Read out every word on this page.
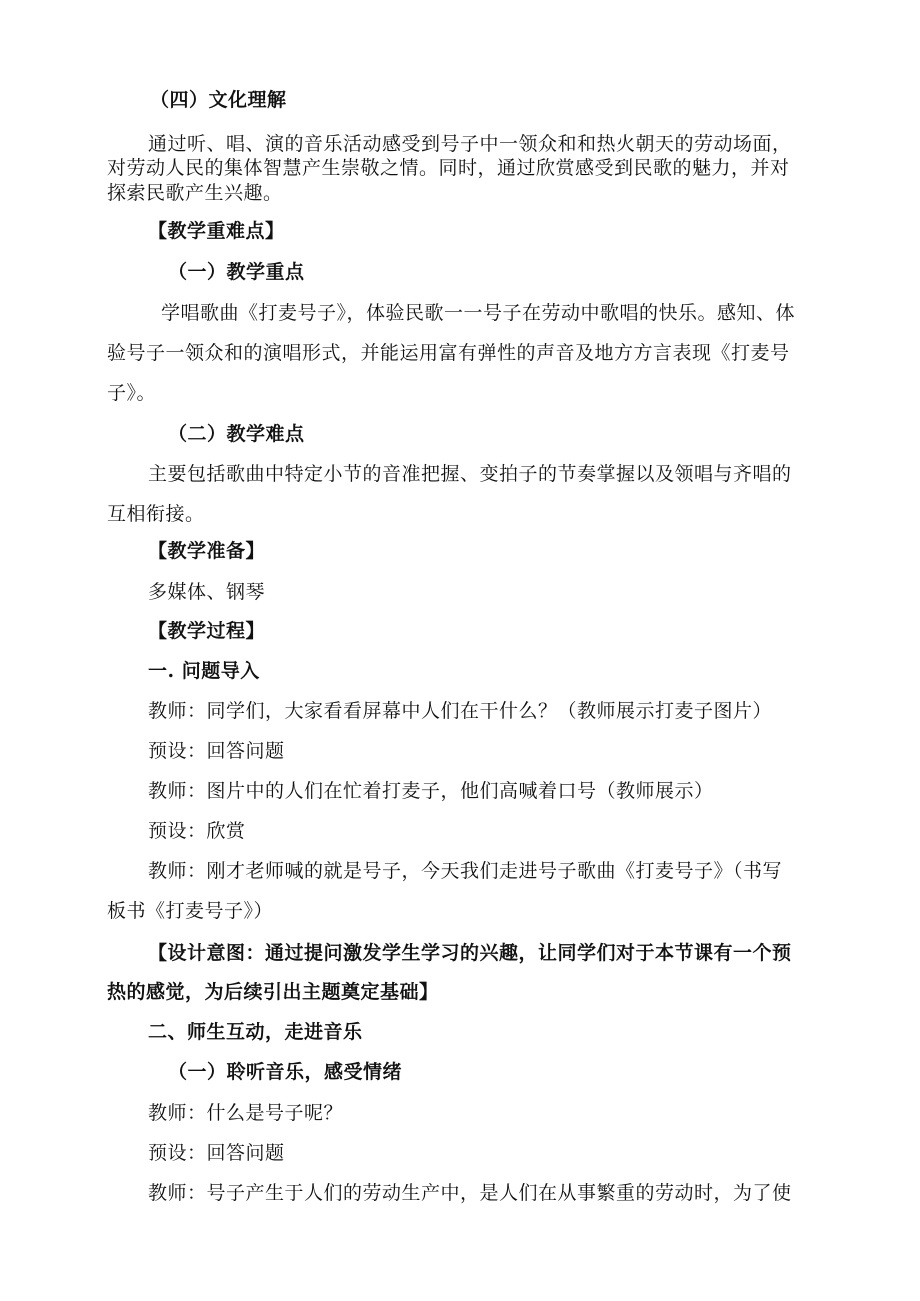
（四）文化理解
通过听、唱、演的音乐活动感受到号子中一领众和和热火朝天的劳动场面，
对劳动人民的集体智慧产生崇敬之情。同时，通过欣赏感受到民歌的魅力，并对
探索民歌产生兴趣。
【教学重难点】
（一）教学重点
学唱歌曲《打麦号子》，体验民歌一一号子在劳动中歌唱的快乐。感知、体
验号子一领众和的演唱形式，并能运用富有弹性的声音及地方方言表现《打麦号
子》。
（二）教学难点
主要包括歌曲中特定小节的音准把握、变拍子的节奏掌握以及领唱与齐唱的
互相衔接。
【教学准备】
多媒体、钢琴
【教学过程】
一. 问题导入
教师：同学们，大家看看屏幕中人们在干什么？（教师展示打麦子图片）
预设：回答问题
教师：图片中的人们在忙着打麦子，他们高喊着口号（教师展示）
预设：欣赏
教师：刚才老师喊的就是号子，今天我们走进号子歌曲《打麦号子》（书写
板书《打麦号子》）
【设计意图：通过提问激发学生学习的兴趣，让同学们对于本节课有一个预
热的感觉，为后续引出主题奠定基础】
二、师生互动，走进音乐
（一）聆听音乐，感受情绪
教师：什么是号子呢？
预设：回答问题
教师：号子产生于人们的劳动生产中，是人们在从事繁重的劳动时，为了使
